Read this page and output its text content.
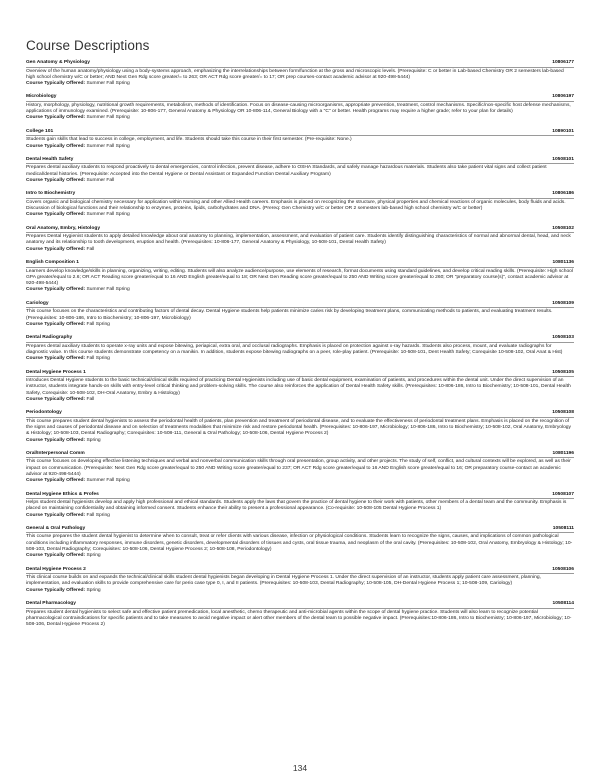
Course Descriptions
Gen Anatomy & Physiology	10806177
Overview of the human anatomy/physiology using a body-systems approach, emphasizing the interrelationships between form/function at the gross and microscopic levels. (Prerequisite: C or better in Lab-based Chemistry OR 2 semesters lab-based high school chemistry w/C or better; AND Next Gen Rdg score greater/= to 263; OR ACT Rdg score greater/= to 17; OR prep courses-contact academic advisor at 920-498-5444)
Course Typically Offered: Summer Fall Spring
Microbiology	10806197
History, morphology, physiology, nutritional growth requirements, metabolism, methods of identification. Focus on disease-causing microorganisms, appropriate prevention, treatment, control mechanisms. Specific/non-specific host defense mechanisms, applications of immunology examined. (Prerequisite: 10-806-177, General Anatomy & Physiology OR 10-806-114, General Biology with a "C" or better. Health programs may require a higher grade; refer to your plan for details)
Course Typically Offered: Summer Fall Spring
College 101	10890101
Students gain skills that lead to success in college, employment, and life. Students should take this course in their first semester. (Pre-requisite: None.)
Course Typically Offered: Summer Fall Spring
Dental Health Safety	10508101
Prepares dental auxiliary students to respond proactively to dental emergencies, control infection, prevent disease, adhere to OSHA Standards, and safely manage hazardous materials. Students also take patient vital signs and collect patient medical/dental histories. (Prerequisite: Accepted into the Dental Hygiene or Dental Assistant or Expanded Function Dental Auxiliary Program)
Course Typically Offered: Summer Fall
Intro to Biochemistry	10806186
Covers organic and biological chemistry necessary for application within Nursing and other Allied Health careers. Emphasis is placed on recognizing the structure, physical properties and chemical reactions of organic molecules, body fluids and acids. Discussion of biological functions and their relationship to enzymes, proteins, lipids, carbohydrates and DNA. (Prereq: Gen Chemistry w/C or better OR 2 semesters lab-based high school chemistry w/C or better)
Course Typically Offered: Summer Fall Spring
Oral Anatomy, Embry, Histology	10508102
Prepares Dental Hygienist students to apply detailed knowledge about oral anatomy to planning, implementation, assessment, and evaluation of patient care. Students identify distinguishing characteristics of normal and abnormal dental, head, and neck anatomy and its relationship to tooth development, eruption and health. (Prerequisites: 10-806-177, General Anatomy & Physiology, 10-508-101, Dental Health Safety)
Course Typically Offered: Fall
English Composition 1	10801136
Learners develop knowledge/skills in planning, organizing, writing, editing. Students will also analyze audience/purpose, use elements of research, format documents using standard guidelines, and develop critical reading skills. (Prerequisite: High school GPA greater/equal to 2.6; OR ACT Reading score greater/equal to 16 AND English greater/equal to 18; OR Next Gen Reading score greater/equal to 250 AND Writing score greater/equal to 260; OR "preparatory course(s)", contact academic advisor at 920-498-5444)
Course Typically Offered: Summer Fall Spring
Cariology	10508109
This course focuses on the characteristics and contributing factors of dental decay. Dental Hygiene students help patients minimize caries risk by developing treatment plans, communicating methods to patients, and evaluating treatment results. (Prerequisites: 10-806-186, Intro to Biochemistry; 10-806-197, Microbiology)
Course Typically Offered: Fall Spring
Dental Radiography	10508103
Prepares dental auxiliary students to operate x-ray units and expose bitewing, periapical, extra oral, and occlusal radiographs. Emphasis is placed on protection against x-ray hazards. Students also process, mount, and evaluate radiographs for diagnostic value. In this course students demonstrate competency on a manikin. In addition, students expose bitewing radiographs on a peer, role-play patient. (Prerequisite: 10-508-101, Dent Health Safety; Corequisite 10-508-102, Oral Anat & Hist)
Course Typically Offered: Fall Spring
Dental Hygiene Process 1	10508105
Introduces Dental Hygiene students to the basic technical/clinical skills required of practicing Dental Hygienists including use of basic dental equipment, examination of patients, and procedures within the dental unit. Under the direct supervision of an instructor, students integrate hands-on skills with entry-level critical thinking and problem-solving skills. The course also reinforces the application of Dental Health Safety skills. (Prerequisites: 10-806-186, Intro to Biochemistry; 10-508-101, Dental Health Safety, Corequisite: 10-508-102, DH-Oral Anatomy, Embry & Histology)
Course Typically Offered: Fall
Periodontology	10508108
This course prepares student dental hygienists to assess the periodontal health of patients, plan prevention and treatment of periodontal disease, and to evaluate the effectiveness of periodontal treatment plans. Emphasis is placed on the recognition of the signs and causes of periodontal disease and on selection of treatments modalities that minimize risk and restore periodontal health. (Prerequisites: 10-806-197, Microbiology; 10-806-186, Intro to Biochemistry; 10-508-102, Oral Anatomy, Embryology & Histology; 10-508-103, Dental Radiography; Corequisites: 10-508-111, General & Oral Pathology; 10-508-106, Dental Hygiene Process 2)
Course Typically Offered: Spring
Oral/Interpersonal Comm	10801196
This course focuses on developing effective listening techniques and verbal and nonverbal communication skills through oral presentation, group activity, and other projects. The study of self, conflict, and cultural contexts will be explored, as well as their impact on communication. (Prerequisite: Next Gen Rdg score greater/equal to 250 AND Writing score greater/equal to 237; OR ACT Rdg score greater/equal to 16 AND English score greater/equal to 16; OR preparatory course-contact an academic advisor at 920-498-5444)
Course Typically Offered: Summer Fall Spring
Dental Hygiene Ethics & Profes	10508107
Helps student dental hygienists develop and apply high professional and ethical standards. Students apply the laws that govern the practice of dental hygiene to their work with patients, other members of a dental team and the community. Emphasis is placed on maintaining confidentiality and obtaining informed consent. Students enhance their ability to present a professional appearance. (Co-requisite: 10-508-105 Dental Hygiene Process 1)
Course Typically Offered: Fall Spring
General & Oral Pathology	10508111
This course prepares the student dental hygienist to determine when to consult, treat or refer clients with various disease, infection or physiological conditions. Students learn to recognize the signs, causes, and implications of common pathological conditions including inflammatory responses, immune disorders, genetic disorders, developmental disorders of tissues and cysts, oral tissue trauma, and neoplasm of the oral cavity. (Prerequisites: 10-508-102, Oral Anatomy, Embryology & Histology; 10-508-103, Dental Radiography; Corequisites: 10-508-106, Dental Hygiene Process 2; 10-508-108, Periodontology)
Course Typically Offered: Spring
Dental Hygiene Process 2	10508106
This clinical course builds on and expands the technical/clinical skills student dental hygienists began developing in Dental Hygiene Process 1. Under the direct supervision of an instructor, students apply patient care assessment, planning, implementation, and evaluation skills to provide comprehensive care for perio case type 0, I, and II patients. (Prerequisites: 10-508-103, Dental Radiography; 10-508-105, DH-Dental Hygiene Process 1; 10-508-109, Cariology)
Course Typically Offered: Spring
Dental Pharmacology	10508114
Prepares student dental hygienists to select safe and effective patient premedication, local anesthetic, chemo therapeutic and anti-microbial agents within the scope of dental hygiene practice. Students will also learn to recognize potential pharmacological contraindications for specific patients and to take measures to avoid negative impact or alert other members of the dental team to possible negative impact. (Prerequisites:10-806-186, Intro to Biochemistry; 10-806-197, Microbiology; 10-508-106, Dental Hygiene Process 2)
134
